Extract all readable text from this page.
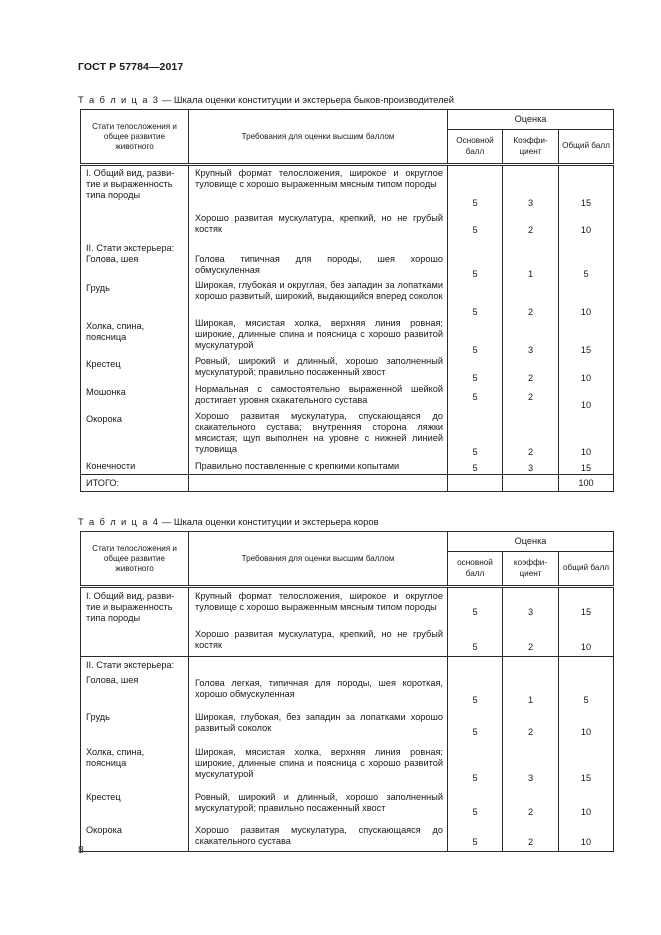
ГОСТ Р 57784—2017
Т а б л и ц а 3 — Шкала оценки конституции и экстерьера быков-производителей
Стати телосложения и общее развитие животного	Требования для оценки высшим баллом	Оценка		
		Основной балл	Коэффициент	Общий балл
I. Общий вид, развитие и выраженность типа породы	Крупный формат телосложения, широкое и округлое туловище с хорошо выраженным мясным типом породы	5	3	15
	Хорошо развитая мускулатура, крепкий, но не грубый костяк	5	2	10
II. Стати экстерьера:				
Голова, шея	Голова типичная для породы, шея хорошо обмускуленная	5	1	5
Грудь	Широкая, глубокая и округлая, без западин за лопатками хорошо развитый, широкий, выдающийся вперед соколок	5	2	10
Холка, спина, поясница	Широкая, мясистая холка, верхняя линия ровная; широкие, длинные спина и поясница с хорошо развитой мускулатурой	5	3	15
Крестец	Ровный, широкий и длинный, хорошо заполненный мускулатурой; правильно посаженный хвост	5	2	10
Мошонка	Нормальная с самостоятельно выраженной шейкой достигает уровня скакательного сустава	5	2	10
Окорока	Хорошо развитая мускулатура, спускающаяся до скакательного сустава; внутренняя сторона ляжки мясистая; щуп выполнен на уровне с нижней линией туловища	5	2	10
Конечности	Правильно поставленные с крепкими копытами	5	3	15
ИТОГО:				100
Т а б л и ц а 4 — Шкала оценки конституции и экстерьера коров
Стати телосложения и общее развитие животного	Требования для оценки высшим баллом	Оценка		
		основной балл	коэффициент	общий балл
I. Общий вид, развитие и выраженность типа породы	Крупный формат телосложения, широкое и округлое туловище с хорошо выраженным мясным типом породы	5	3	15
	Хорошо развитая мускулатура, крепкий, но не грубый костяк	5	2	10
II. Стати экстерьера:				
Голова, шея	Голова легкая, типичная для породы, шея короткая, хорошо обмускуленная	5	1	5
Грудь	Широкая, глубокая, без западин за лопатками хорошо развитый соколок	5	2	10
Холка, спина, поясница	Широкая, мясистая холка, верхняя линия ровная; широкие, длинные спина и поясница с хорошо развитой мускулатурой	5	3	15
Крестец	Ровный, широкий и длинный, хорошо заполненный мускулатурой; правильно посаженный хвост	5	2	10
Окорока	Хорошо развитая мускулатура, спускающаяся до скакательного сустава	5	2	10
8
